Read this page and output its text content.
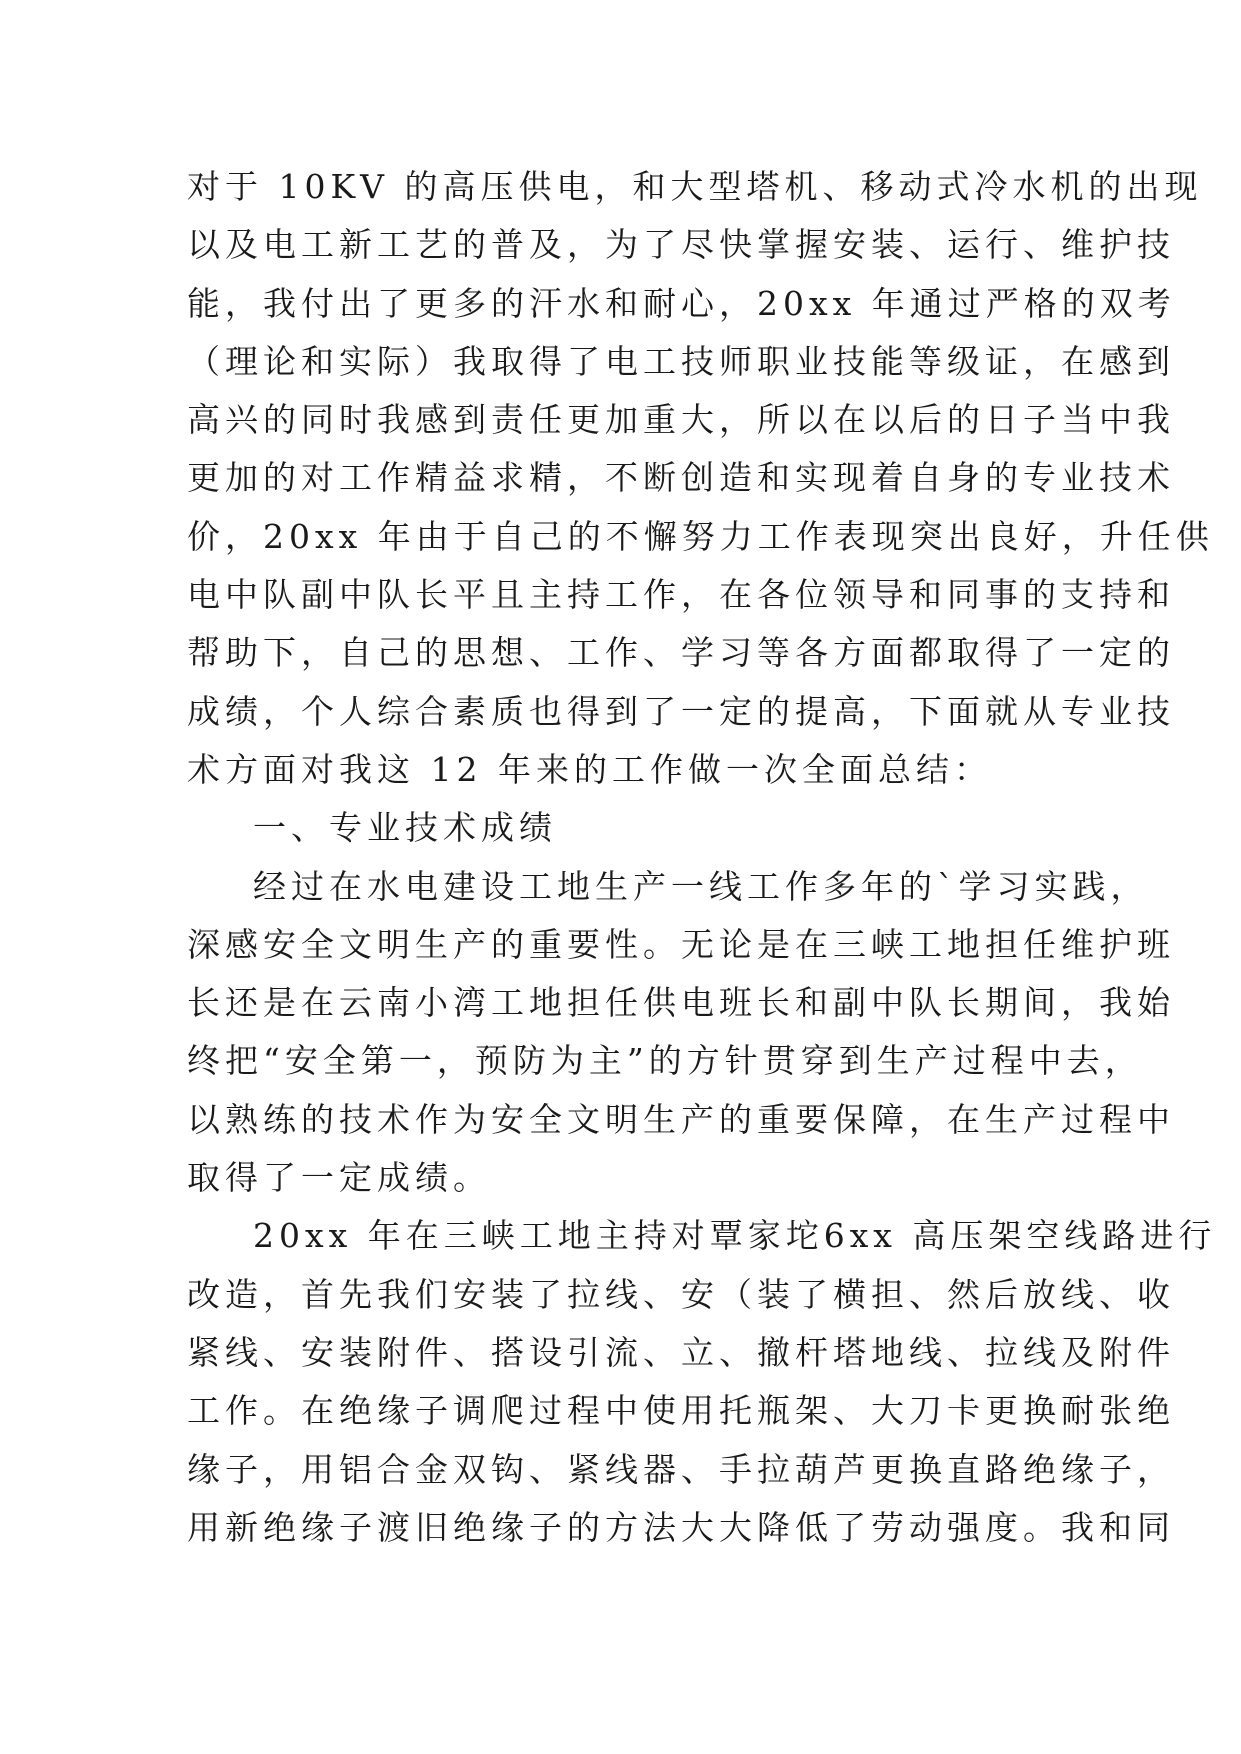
对于 10KV 的高压供电，和大型塔机、移动式冷水机的出现
以及电工新工艺的普及，为了尽快掌握安装、运行、维护技
能，我付出了更多的汗水和耐心，20xx 年通过严格的双考
（理论和实际）我取得了电工技师职业技能等级证，在感到
高兴的同时我感到责任更加重大，所以在以后的日子当中我
更加的对工作精益求精，不断创造和实现着自身的专业技术
价，20xx 年由于自己的不懈努力工作表现突出良好，升任供
电中队副中队长平且主持工作，在各位领导和同事的支持和
帮助下，自己的思想、工作、学习等各方面都取得了一定的
成绩，个人综合素质也得到了一定的提高，下面就从专业技
术方面对我这 12 年来的工作做一次全面总结：
一、专业技术成绩
经过在水电建设工地生产一线工作多年的`学习实践，
深感安全文明生产的重要性。无论是在三峡工地担任维护班
长还是在云南小湾工地担任供电班长和副中队长期间，我始
终把“安全第一，预防为主”的方针贯穿到生产过程中去，
以熟练的技术作为安全文明生产的重要保障，在生产过程中
取得了一定成绩。
20xx 年在三峡工地主持对覃家坨6xx 高压架空线路进行
改造，首先我们安装了拉线、安（装了横担、然后放线、收
紧线、安装附件、搭设引流、立、撤杆塔地线、拉线及附件
工作。在绝缘子调爬过程中使用托瓶架、大刀卡更换耐张绝
缘子，用铝合金双钩、紧线器、手拉葫芦更换直路绝缘子，
用新绝缘子渡旧绝缘子的方法大大降低了劳动强度。我和同
